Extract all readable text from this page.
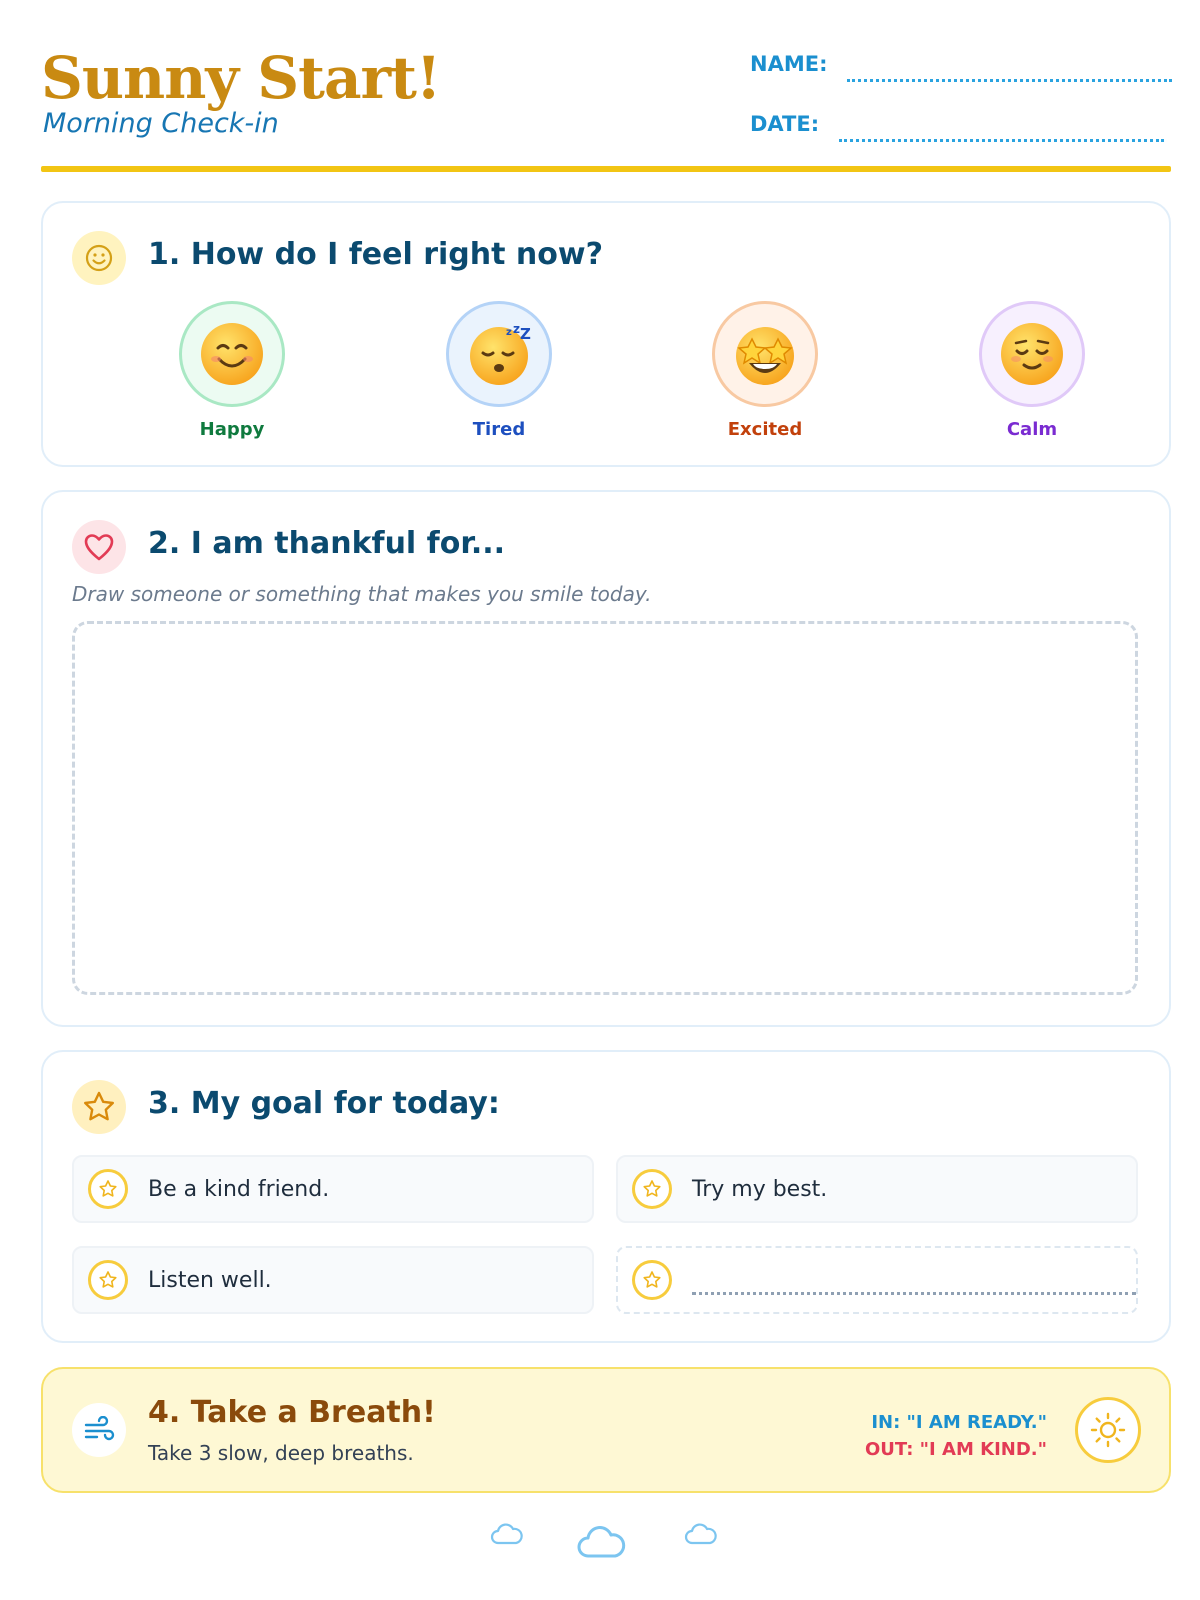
Sunny Start!
Morning Check-in
NAME:
DATE:
1. How do I feel right now?
Happy
z z Z
Tired	Excited	Calm
2. I am thankful for...
Draw someone or something that makes you smile today.
3. My goal for today:
Be a kind friend.	Try my best.
Listen well.
4. Take a Breath!
Take 3 slow, deep breaths.
IN: "I AM READY."
OUT: "I AM KIND."
